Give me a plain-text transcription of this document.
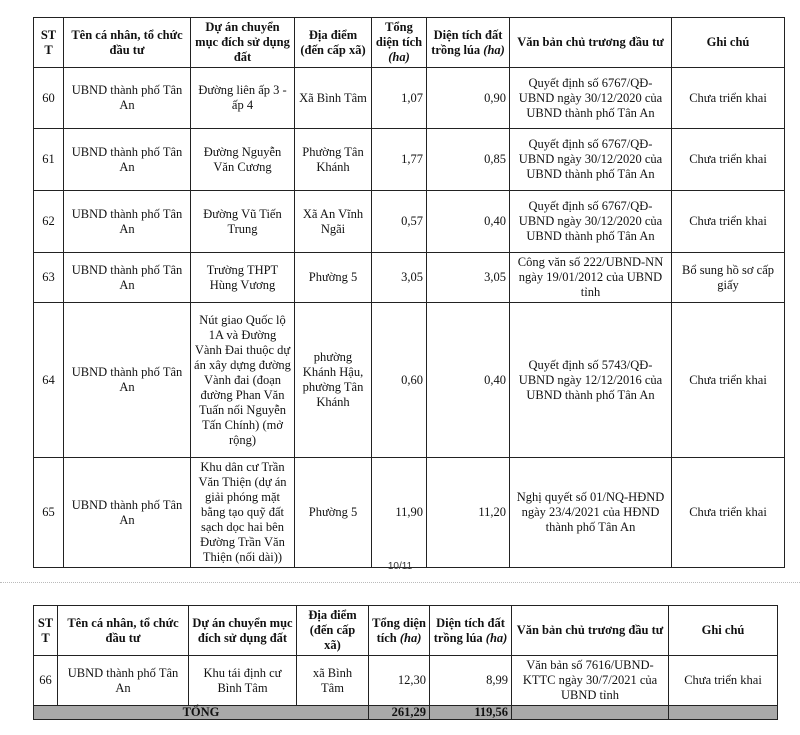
ST T	Tên cá nhân, tổ chức đầu tư	Dự án chuyển mục đích sử dụng đất	Địa điểm (đến cấp xã)	Tổng diện tích (ha)	Diện tích đất trồng lúa (ha)	Văn bản chủ trương đầu tư	Ghi chú
60	UBND thành phố Tân An	Đường liên ấp 3 - ấp 4	Xã Bình Tâm	1,07	0,90	Quyết định số 6767/QĐ-UBND ngày 30/12/2020 của UBND thành phố Tân An	Chưa triển khai
61	UBND thành phố Tân An	Đường Nguyễn Văn Cương	Phường Tân Khánh	1,77	0,85	Quyết định số 6767/QĐ-UBND ngày 30/12/2020 của UBND thành phố Tân An	Chưa triển khai
62	UBND thành phố Tân An	Đường Vũ Tiến Trung	Xã An Vĩnh Ngãi	0,57	0,40	Quyết định số 6767/QĐ-UBND ngày 30/12/2020 của UBND thành phố Tân An	Chưa triển khai
63	UBND thành phố Tân An	Trường THPT Hùng Vương	Phường 5	3,05	3,05	Công văn số 222/UBND-NN ngày 19/01/2012 của UBND tỉnh	Bổ sung hồ sơ cấp giấy
64	UBND thành phố Tân An	Nút giao Quốc lộ 1A và Đường Vành Đai thuộc dự án xây dựng đường Vành đai (đoạn đường Phan Văn Tuấn nối Nguyễn Tấn Chính) (mở rộng)	phường Khánh Hậu, phường Tân Khánh	0,60	0,40	Quyết định số 5743/QĐ-UBND ngày 12/12/2016 của UBND thành phố Tân An	Chưa triển khai
65	UBND thành phố Tân An	Khu dân cư Trần Văn Thiện (dự án giải phóng mặt bằng tạo quỹ đất sạch dọc hai bên Đường Trần Văn Thiện (nối dài))	Phường 5	11,90	11,20	Nghị quyết số 01/NQ-HĐND ngày 23/4/2021 của HĐND thành phố Tân An	Chưa triển khai
10/11
ST T	Tên cá nhân, tổ chức đầu tư	Dự án chuyển mục đích sử dụng đất	Địa điểm (đến cấp xã)	Tổng diện tích (ha)	Diện tích đất trồng lúa (ha)	Văn bản chủ trương đầu tư	Ghi chú
66	UBND thành phố Tân An	Khu tái định cư Bình Tâm	xã Bình Tâm	12,30	8,99	Văn bản số 7616/UBND-KTTC ngày 30/7/2021 của UBND tỉnh	Chưa triển khai
TỔNG				261,29	119,56		
